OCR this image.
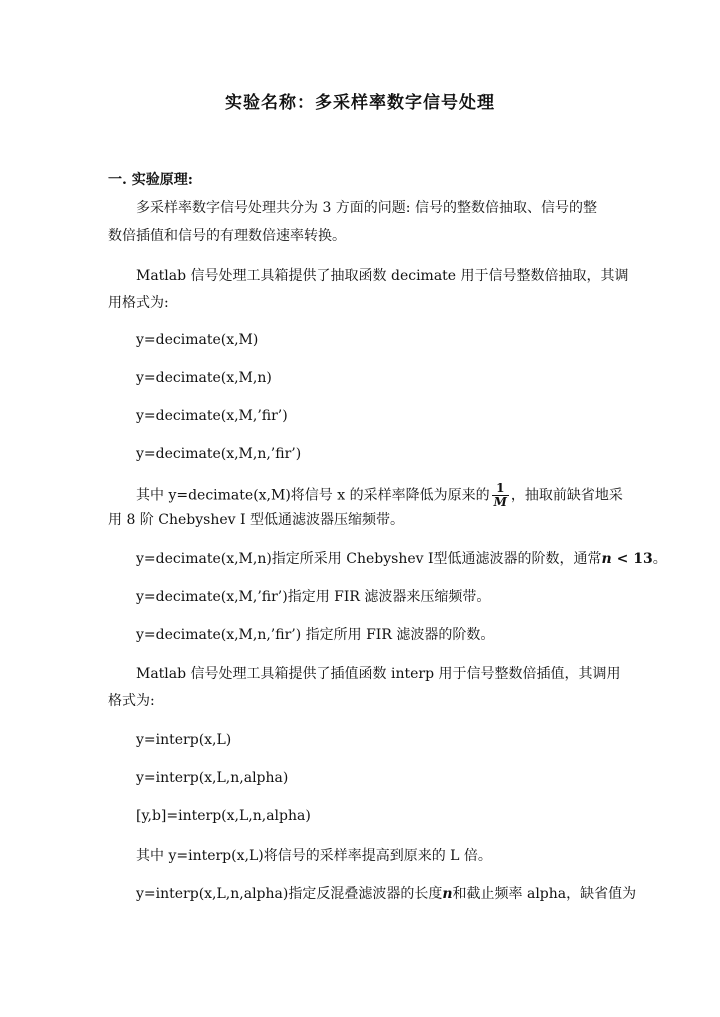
实验名称：多采样率数字信号处理
一. 实验原理:
多采样率数字信号处理共分为 3 方面的问题: 信号的整数倍抽取、信号的整
数倍插值和信号的有理数倍速率转换。
Matlab 信号处理工具箱提供了抽取函数 decimate 用于信号整数倍抽取，其调
用格式为:
y=decimate(x,M)
y=decimate(x,M,n)
y=decimate(x,M,’fir’)
y=decimate(x,M,n,’fir’)
其中 y=decimate(x,M)将信号 x 的采样率降低为原来的 $\frac{1}{M}$ ，抽取前缺省地采
用 8 阶 Chebyshev Ⅰ 型低通滤波器压缩频带。
y=decimate(x,M,n)指定所采用 Chebyshev Ⅰ型低通滤波器的阶数，通常n < 13。
y=decimate(x,M,’fir’)指定用 FIR 滤波器来压缩频带。
y=decimate(x,M,n,’fir’) 指定所用 FIR 滤波器的阶数。
Matlab 信号处理工具箱提供了插值函数 interp 用于信号整数倍插值，其调用
格式为:
y=interp(x,L)
y=interp(x,L,n,alpha)
[y,b]=interp(x,L,n,alpha)
其中 y=interp(x,L)将信号的采样率提高到原来的 L 倍。
y=interp(x,L,n,alpha)指定反混叠滤波器的长度n和截止频率 alpha，缺省值为
